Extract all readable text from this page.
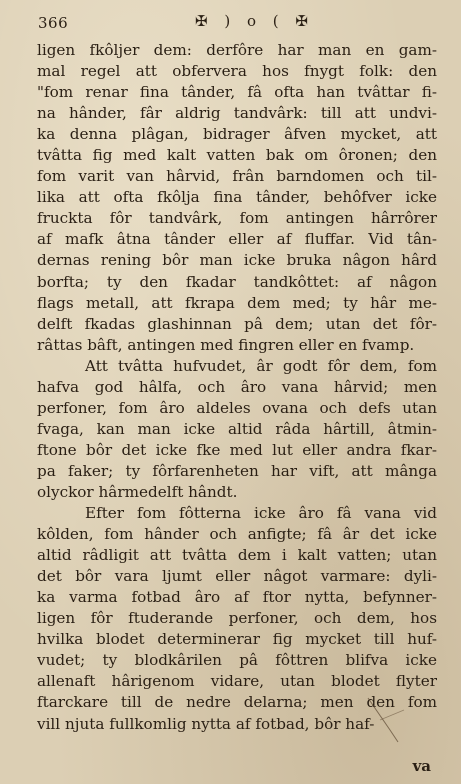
366	✠ ) o ( ✠
ligen fkôljer dem: derfôre har man en gam-
mal regel att obfervera hos fnygt folk: den
"fom renar fina tânder, fâ ofta han tvâttar fi-
na hânder, fâr aldrig tandvârk: till att undvi-
ka denna plâgan, bidrager âfven mycket, att
tvâtta fig med kalt vatten bak om ôronen; den
fom varit van hârvid, frân barndomen och til-
lika att ofta fkôlja fina tânder, behôfver icke
fruckta fôr tandvârk, fom antingen hârrôrer
af mafk âtna tânder eller af fluffar. Vid tân-
dernas rening bôr man icke bruka nâgon hârd
borfta; ty den fkadar tandkôttet: af nâgon
flags metall, att fkrapa dem med; ty hâr me-
delft fkadas glashinnan pâ dem; utan det fôr-
râttas bâft, antingen med fingren eller en fvamp.
Att tvâtta hufvudet, âr godt fôr dem, fom
hafva god hâlfa, och âro vana hârvid; men
perfoner, fom âro aldeles ovana och defs utan
fvaga, kan man icke altid râda hârtill, âtmin-
ftone bôr det icke fke med lut eller andra fkar-
pa faker; ty fôrfarenheten har vift, att mânga
olyckor hârmedelft hândt.
Efter fom fôtterna icke âro fâ vana vid
kôlden, fom hânder och anfigte; fâ âr det icke
altid râdligit att tvâtta dem i kalt vatten; utan
det bôr vara ljumt eller nâgot varmare: dyli-
ka varma fotbad âro af ftor nytta, befynner-
ligen fôr ftuderande perfoner, och dem, hos
hvilka blodet determinerar fig mycket till huf-
vudet; ty blodkârilen pâ fôttren blifva icke
allenaft hârigenom vidare, utan blodet flyter
ftarckare till de nedre delarna; men den fom
vill njuta fullkomlig nytta af fotbad, bôr haf-
va
